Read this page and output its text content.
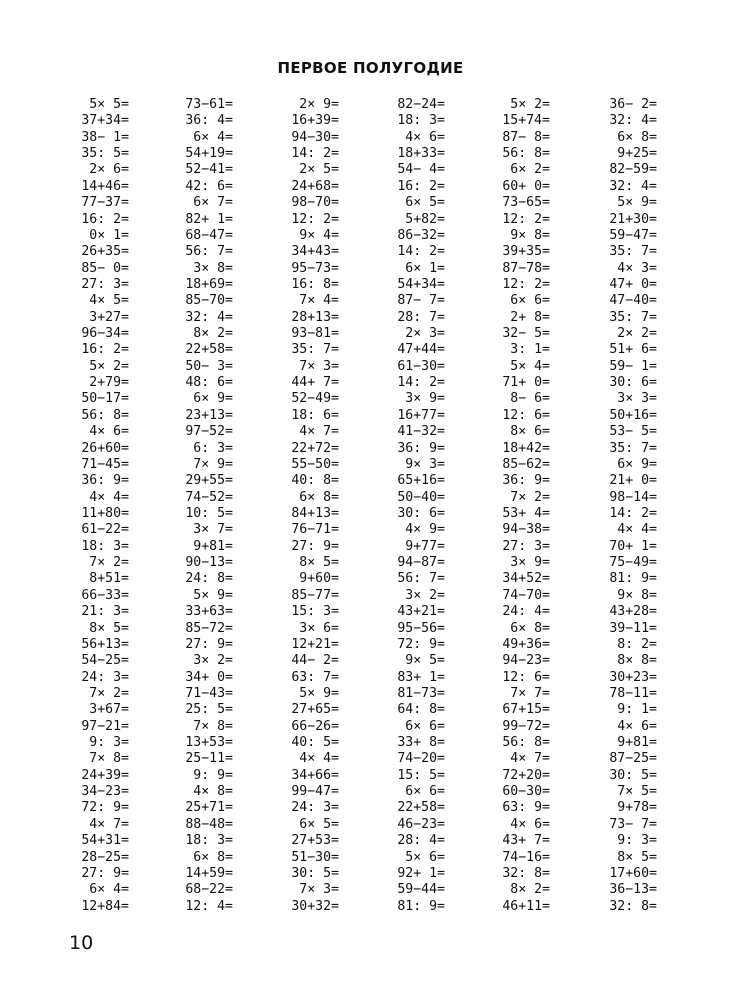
ПЕРВОЕ ПОЛУГОДИЕ
5× 5=
37+34=
38− 1=
35: 5=
2× 6=
14+46=
77−37=
16: 2=
0× 1=
26+35=
85− 0=
27: 3=
4× 5=
3+27=
96−34=
16: 2=
5× 2=
2+79=
50−17=
56: 8=
4× 6=
26+60=
71−45=
36: 9=
4× 4=
11+80=
61−22=
18: 3=
7× 2=
8+51=
66−33=
21: 3=
8× 5=
56+13=
54−25=
24: 3=
7× 2=
3+67=
97−21=
9: 3=
7× 8=
24+39=
34−23=
72: 9=
4× 7=
54+31=
28−25=
27: 9=
6× 4=
12+84=
73−61=
36: 4=
6× 4=
54+19=
52−41=
42: 6=
6× 7=
82+ 1=
68−47=
56: 7=
3× 8=
18+69=
85−70=
32: 4=
8× 2=
22+58=
50− 3=
48: 6=
6× 9=
23+13=
97−52=
6: 3=
7× 9=
29+55=
74−52=
10: 5=
3× 7=
9+81=
90−13=
24: 8=
5× 9=
33+63=
85−72=
27: 9=
3× 2=
34+ 0=
71−43=
25: 5=
7× 8=
13+53=
25−11=
9: 9=
4× 8=
25+71=
88−48=
18: 3=
6× 8=
14+59=
68−22=
12: 4=
2× 9=
16+39=
94−30=
14: 2=
2× 5=
24+68=
98−70=
12: 2=
9× 4=
34+43=
95−73=
16: 8=
7× 4=
28+13=
93−81=
35: 7=
7× 3=
44+ 7=
52−49=
18: 6=
4× 7=
22+72=
55−50=
40: 8=
6× 8=
84+13=
76−71=
27: 9=
8× 5=
9+60=
85−77=
15: 3=
3× 6=
12+21=
44− 2=
63: 7=
5× 9=
27+65=
66−26=
40: 5=
4× 4=
34+66=
99−47=
24: 3=
6× 5=
27+53=
51−30=
30: 5=
7× 3=
30+32=
82−24=
18: 3=
4× 6=
18+33=
54− 4=
16: 2=
6× 5=
5+82=
86−32=
14: 2=
6× 1=
54+34=
87− 7=
28: 7=
2× 3=
47+44=
61−30=
14: 2=
3× 9=
16+77=
41−32=
36: 9=
9× 3=
65+16=
50−40=
30: 6=
4× 9=
9+77=
94−87=
56: 7=
3× 2=
43+21=
95−56=
72: 9=
9× 5=
83+ 1=
81−73=
64: 8=
6× 6=
33+ 8=
74−20=
15: 5=
6× 6=
22+58=
46−23=
28: 4=
5× 6=
92+ 1=
59−44=
81: 9=
5× 2=
15+74=
87− 8=
56: 8=
6× 2=
60+ 0=
73−65=
12: 2=
9× 8=
39+35=
87−78=
12: 2=
6× 6=
2+ 8=
32− 5=
3: 1=
5× 4=
71+ 0=
8− 6=
12: 6=
8× 6=
18+42=
85−62=
36: 9=
7× 2=
53+ 4=
94−38=
27: 3=
3× 9=
34+52=
74−70=
24: 4=
6× 8=
49+36=
94−23=
12: 6=
7× 7=
67+15=
99−72=
56: 8=
4× 7=
72+20=
60−30=
63: 9=
4× 6=
43+ 7=
74−16=
32: 8=
8× 2=
46+11=
36− 2=
32: 4=
6× 8=
9+25=
82−59=
32: 4=
5× 9=
21+30=
59−47=
35: 7=
4× 3=
47+ 0=
47−40=
35: 7=
2× 2=
51+ 6=
59− 1=
30: 6=
3× 3=
50+16=
53− 5=
35: 7=
6× 9=
21+ 0=
98−14=
14: 2=
4× 4=
70+ 1=
75−49=
81: 9=
9× 8=
43+28=
39−11=
8: 2=
8× 8=
30+23=
78−11=
9: 1=
4× 6=
9+81=
87−25=
30: 5=
7× 5=
9+78=
73− 7=
9: 3=
8× 5=
17+60=
36−13=
32: 8=
10
